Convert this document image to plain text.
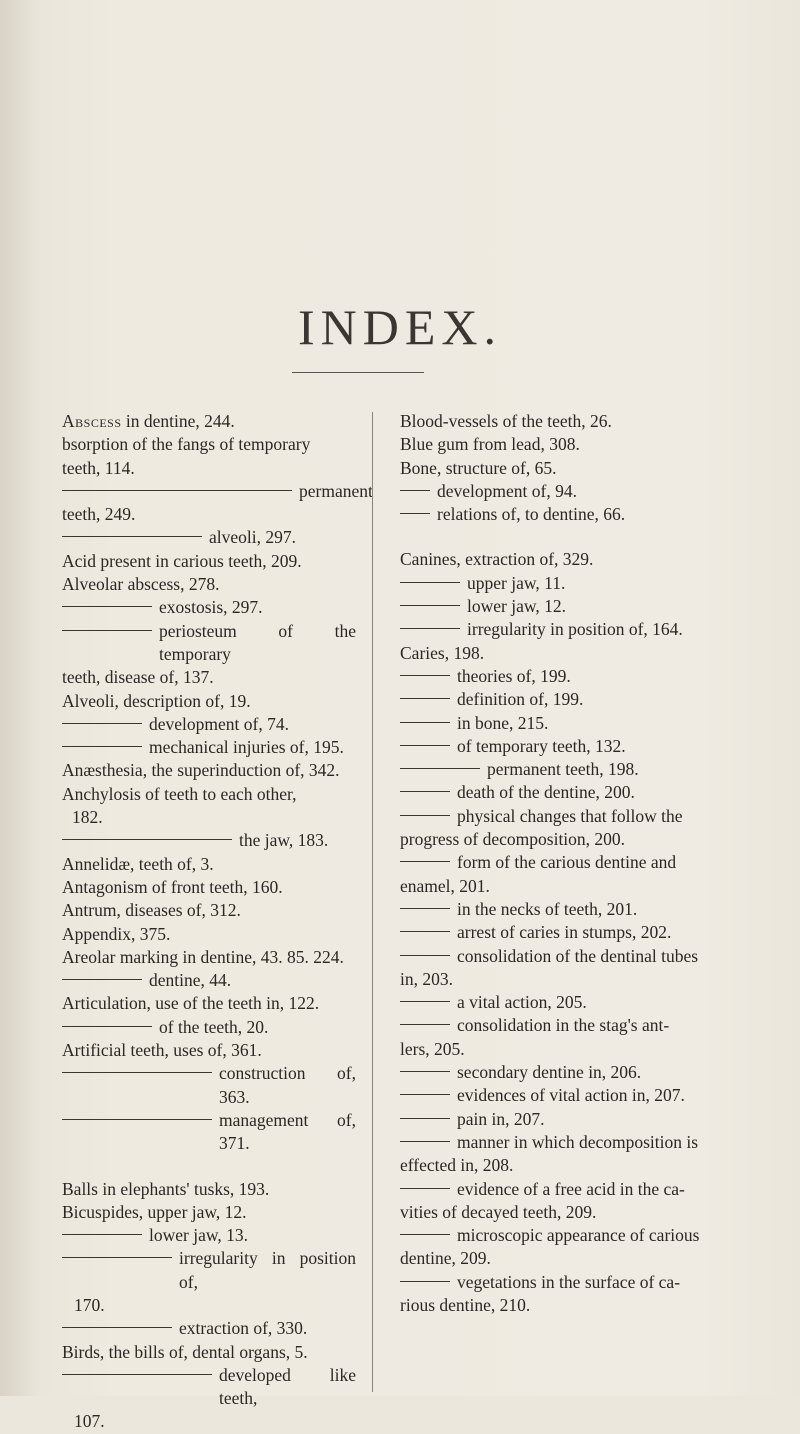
INDEX.
Abscess in dentine, 244.
bsorption of the fangs of temporary
teeth, 114.
permanent
teeth, 249.
alveoli, 297.
Acid present in carious teeth, 209.
Alveolar abscess, 278.
exostosis, 297.
periosteum of the temporary
teeth, disease of, 137.
Alveoli, description of, 19.
development of, 74.
mechanical injuries of, 195.
Anæsthesia, the superinduction of, 342.
Anchylosis of teeth to each other,
182.
the jaw, 183.
Annelidæ, teeth of, 3.
Antagonism of front teeth, 160.
Antrum, diseases of, 312.
Appendix, 375.
Areolar marking in dentine, 43. 85. 224.
dentine, 44.
Articulation, use of the teeth in, 122.
of the teeth, 20.
Artificial teeth, uses of, 361.
construction of, 363.
management of, 371.
Balls in elephants' tusks, 193.
Bicuspides, upper jaw, 12.
lower jaw, 13.
irregularity in position of,
170.
extraction of, 330.
Birds, the bills of, dental organs, 5.
developed like teeth,
107.
Blood-vessels of the teeth, 26.
Blue gum from lead, 308.
Bone, structure of, 65.
development of, 94.
relations of, to dentine, 66.
Canines, extraction of, 329.
upper jaw, 11.
lower jaw, 12.
irregularity in position of, 164.
Caries, 198.
theories of, 199.
definition of, 199.
in bone, 215.
of temporary teeth, 132.
permanent teeth, 198.
death of the dentine, 200.
physical changes that follow the
progress of decomposition, 200.
form of the carious dentine and
enamel, 201.
in the necks of teeth, 201.
arrest of caries in stumps, 202.
consolidation of the dentinal tubes
in, 203.
a vital action, 205.
consolidation in the stag's ant-
lers, 205.
secondary dentine in, 206.
evidences of vital action in, 207.
pain in, 207.
manner in which decomposition is
effected in, 208.
evidence of a free acid in the ca-
vities of decayed teeth, 209.
microscopic appearance of carious
dentine, 209.
vegetations in the surface of ca-
rious dentine, 210.
